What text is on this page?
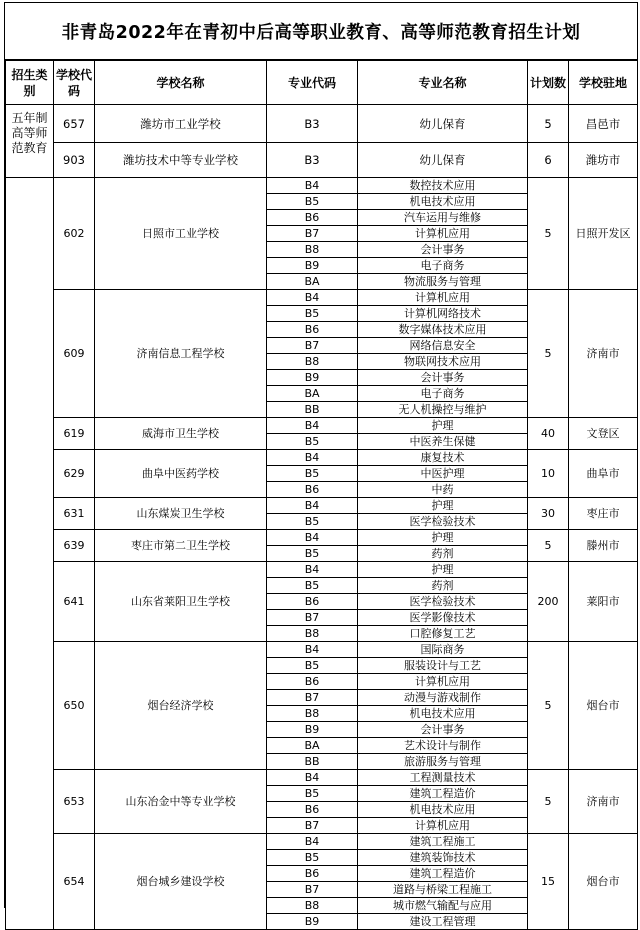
非青岛2022年在青初中后高等职业教育、高等师范教育招生计划
招生类别	学校代码	学校名称	专业代码	专业名称	计划数	学校驻地
五年制高等师范教育	657	潍坊市工业学校	B3	幼儿保育	5	昌邑市
	903	潍坊技术中等专业学校	B3	幼儿保育	6	潍坊市
	602	日照市工业学校	B4	数控技术应用	5	日照开发区
			B5	机电技术应用		
			B6	汽车运用与维修		
			B7	计算机应用		
			B8	会计事务		
			B9	电子商务		
			BA	物流服务与管理		
	609	济南信息工程学校	B4	计算机应用	5	济南市
			B5	计算机网络技术		
			B6	数字媒体技术应用		
			B7	网络信息安全		
			B8	物联网技术应用		
			B9	会计事务		
			BA	电子商务		
			BB	无人机操控与维护		
	619	威海市卫生学校	B4	护理	40	文登区
			B5	中医养生保健		
	629	曲阜中医药学校	B4	康复技术	10	曲阜市
			B5	中医护理		
			B6	中药		
	631	山东煤炭卫生学校	B4	护理	30	枣庄市
			B5	医学检验技术		
	639	枣庄市第二卫生学校	B4	护理	5	滕州市
			B5	药剂		
	641	山东省莱阳卫生学校	B4	护理	200	莱阳市
			B5	药剂		
			B6	医学检验技术		
			B7	医学影像技术		
			B8	口腔修复工艺		
	650	烟台经济学校	B4	国际商务	5	烟台市
			B5	服装设计与工艺		
			B6	计算机应用		
			B7	动漫与游戏制作		
			B8	机电技术应用		
			B9	会计事务		
			BA	艺术设计与制作		
			BB	旅游服务与管理		
	653	山东冶金中等专业学校	B4	工程测量技术	5	济南市
			B5	建筑工程造价		
			B6	机电技术应用		
			B7	计算机应用		
	654	烟台城乡建设学校	B4	建筑工程施工	15	烟台市
			B5	建筑装饰技术		
			B6	建筑工程造价		
			B7	道路与桥梁工程施工		
			B8	城市燃气输配与应用		
			B9	建设工程管理		
